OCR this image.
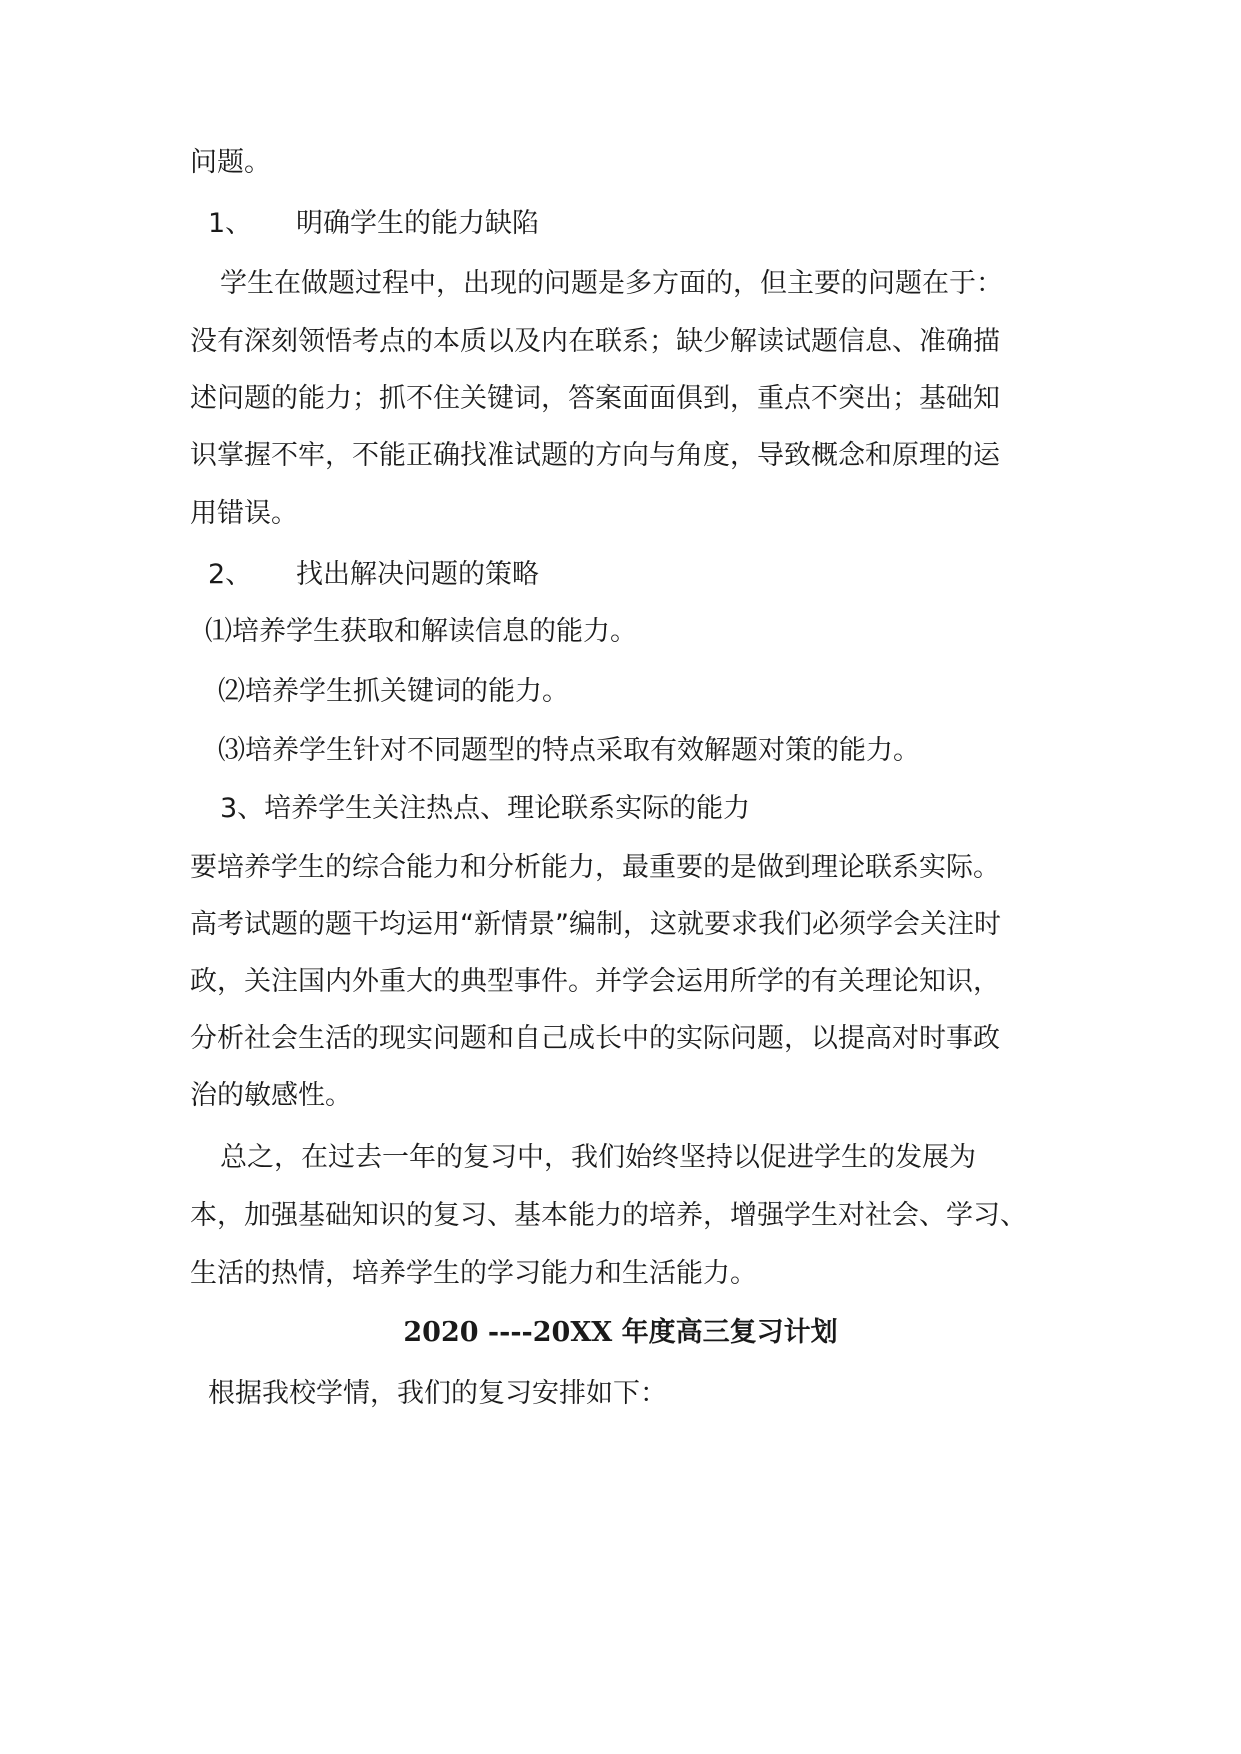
问题。
1、 明确学生的能力缺陷
学生在做题过程中，出现的问题是多方面的，但主要的问题在于：
没有深刻领悟考点的本质以及内在联系；缺少解读试题信息、准确描
述问题的能力；抓不住关键词，答案面面俱到，重点不突出；基础知
识掌握不牢，不能正确找准试题的方向与角度，导致概念和原理的运
用错误。
2、 找出解决问题的策略
⑴培养学生获取和解读信息的能力。
⑵培养学生抓关键词的能力。
⑶培养学生针对不同题型的特点采取有效解题对策的能力。
3、培养学生关注热点、理论联系实际的能力
要培养学生的综合能力和分析能力，最重要的是做到理论联系实际。
高考试题的题干均运用“新情景”编制，这就要求我们必须学会关注时
政，关注国内外重大的典型事件。并学会运用所学的有关理论知识，
分析社会生活的现实问题和自己成长中的实际问题，以提高对时事政
治的敏感性。
总之，在过去一年的复习中，我们始终坚持以促进学生的发展为
本，加强基础知识的复习、基本能力的培养，增强学生对社会、学习、
生活的热情，培养学生的学习能力和生活能力。
2020 ----20XX 年度高三复习计划
根据我校学情，我们的复习安排如下：
